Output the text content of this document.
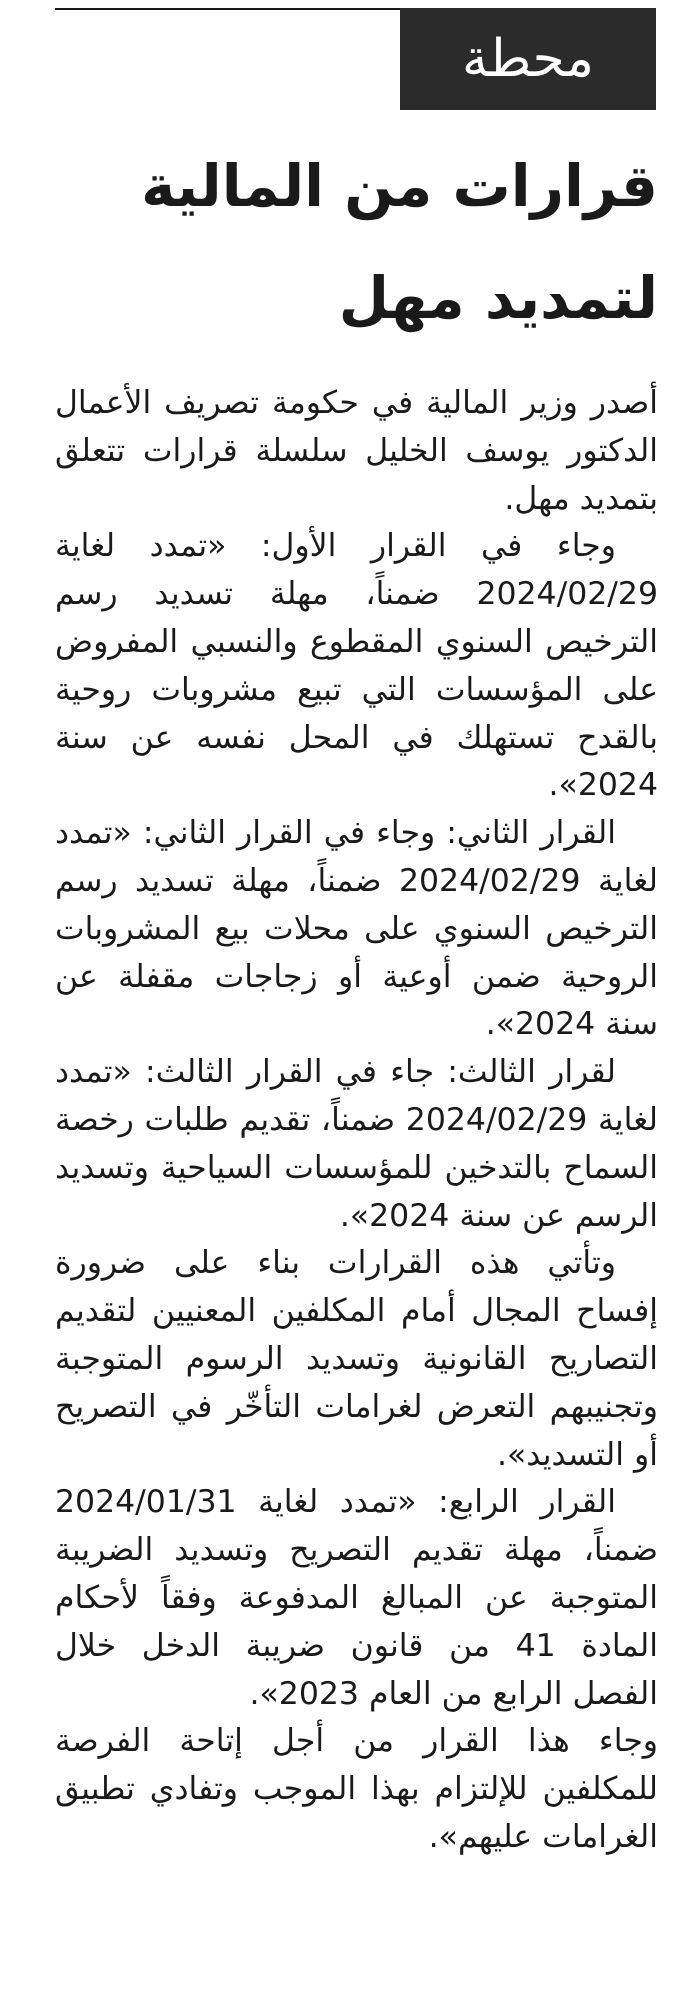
محطة
قرارات من المالية لتمديد مهل

أصدر وزير المالية في حكومة تصريف الأعمال الدكتور يوسف الخليل سلسلة قرارات تتعلق بتمديد مهل.

وجاء في القرار الأول: «تمدد لغاية 2024/02/29 ضمناً، مهلة تسديد رسم الترخيص السنوي المقطوع والنسبي المفروض على المؤسسات التي تبيع مشروبات روحية بالقدح تستهلك في المحل نفسه عن سنة 2024».

القرار الثاني: وجاء في القرار الثاني: «تمدد لغاية 2024/02/29 ضمناً، مهلة تسديد رسم الترخيص السنوي على محلات بيع المشروبات الروحية ضمن أوعية أو زجاجات مقفلة عن سنة 2024».

لقرار الثالث: جاء في القرار الثالث: «تمدد لغاية 2024/02/29 ضمناً، تقديم طلبات رخصة السماح بالتدخين للمؤسسات السياحية وتسديد الرسم عن سنة 2024».

وتأتي هذه القرارات بناء على ضرورة إفساح المجال أمام المكلفين المعنيين لتقديم التصاريح القانونية وتسديد الرسوم المتوجبة وتجنيبهم التعرض لغرامات التأخّر في التصريح أو التسديد».

القرار الرابع: «تمدد لغاية 2024/01/31 ضمناً، مهلة تقديم التصريح وتسديد الضريبة المتوجبة عن المبالغ المدفوعة وفقاً لأحكام المادة 41 من قانون ضريبة الدخل خلال الفصل الرابع من العام 2023».

وجاء هذا القرار من أجل إتاحة الفرصة للمكلفين للإلتزام بهذا الموجب وتفادي تطبيق الغرامات عليهم».
